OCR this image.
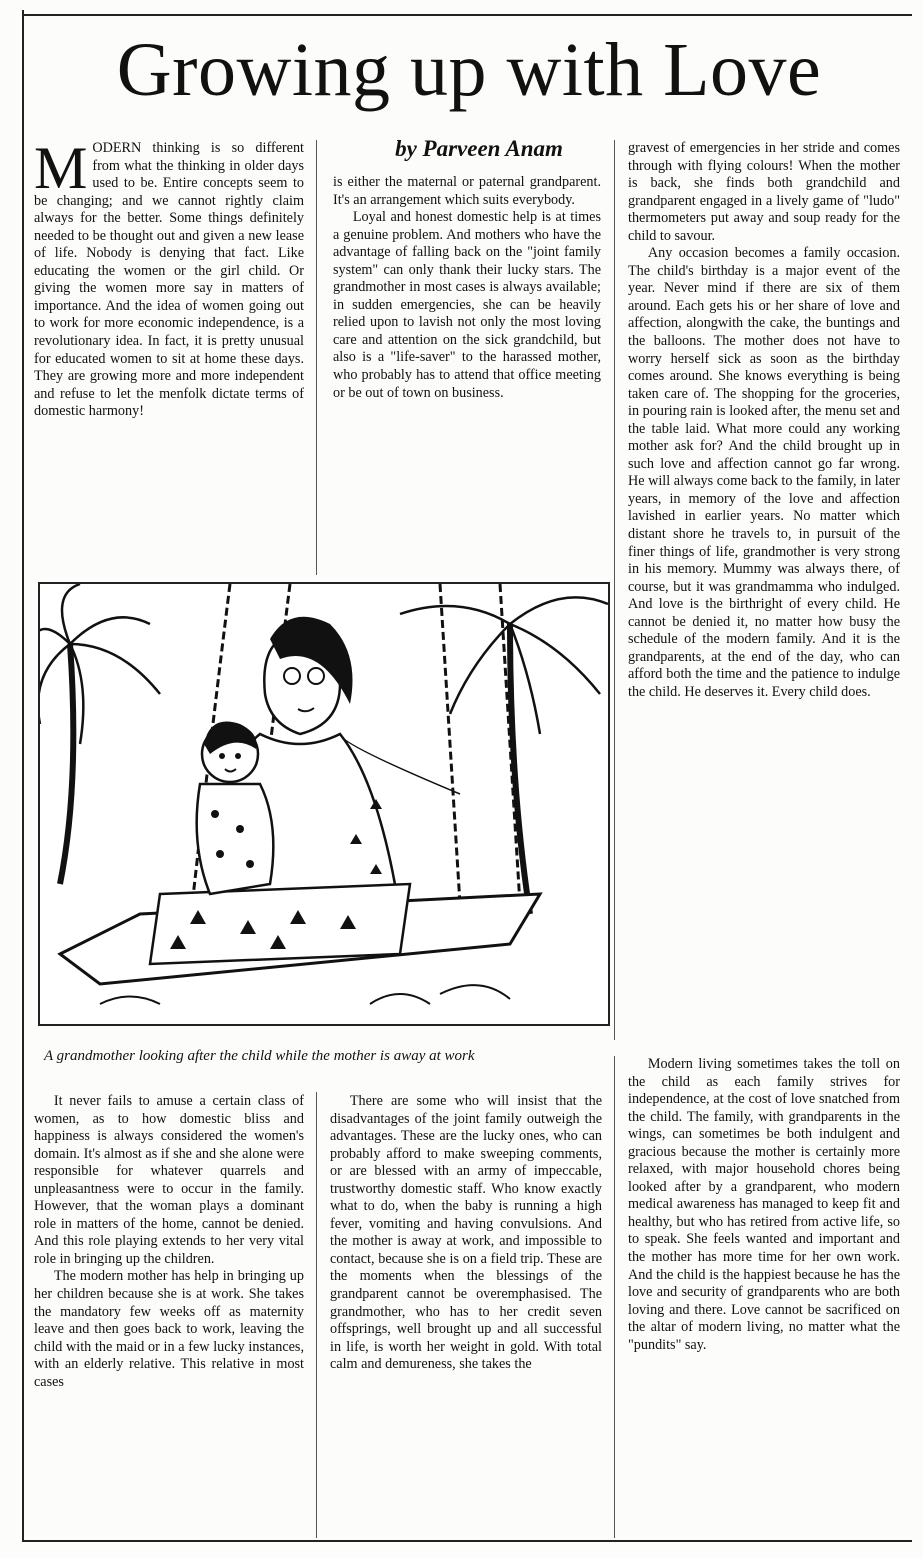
Growing up with Love
by Parveen Anam

MODERN thinking is so different from what the thinking in older days used to be. Entire concepts seem to be changing; and we cannot rightly claim always for the better. Some things definitely needed to be thought out and given a new lease of life. Nobody is denying that fact. Like educating the women or the girl child. Or giving the women more say in matters of importance. And the idea of women going out to work for more economic independence, is a revolutionary idea. In fact, it is pretty unusual for educated women to sit at home these days. They are growing more and more independent and refuse to let the menfolk dictate terms of domestic harmony!

is either the maternal or paternal grandparent. It's an arrangement which suits everybody.

Loyal and honest domestic help is at times a genuine problem. And mothers who have the advantage of falling back on the "joint family system" can only thank their lucky stars. The grandmother in most cases is always available; in sudden emergencies, she can be heavily relied upon to lavish not only the most loving care and attention on the sick grandchild, but also is a "life-saver" to the harassed mother, who probably has to attend that office meeting or be out of town on business.

gravest of emergencies in her stride and comes through with flying colours! When the mother is back, she finds both grandchild and grandparent engaged in a lively game of "ludo" thermometers put away and soup ready for the child to savour.

Any occasion becomes a family occasion. The child's birthday is a major event of the year. Never mind if there are six of them around. Each gets his or her share of love and affection, alongwith the cake, the buntings and the balloons. The mother does not have to worry herself sick as soon as the birthday comes around. She knows everything is being taken care of. The shopping for the groceries, in pouring rain is looked after, the menu set and the table laid. What more could any working mother ask for? And the child brought up in such love and affection cannot go far wrong. He will always come back to the family, in later years, in memory of the love and affection lavished in earlier years. No matter which distant shore he travels to, in pursuit of the finer things of life, grandmother is very strong in his memory. Mummy was always there, of course, but it was grandmamma who indulged. And love is the birthright of every child. He cannot be denied it, no matter how busy the schedule of the modern family. And it is the grandparents, at the end of the day, who can afford both the time and the patience to indulge the child. He deserves it. Every child does.

Modern living sometimes takes the toll on the child as each family strives for independence, at the cost of love snatched from the child. The family, with grandparents in the wings, can sometimes be both indulgent and gracious because the mother is certainly more relaxed, with major household chores being looked after by a grandparent, who modern medical awareness has managed to keep fit and healthy, but who has retired from active life, so to speak. She feels wanted and important and the mother has more time for her own work. And the child is the happiest because he has the love and security of grandparents who are both loving and there. Love cannot be sacrificed on the altar of modern living, no matter what the "pundits" say.

A grandmother looking after the child while the mother is away at work

It never fails to amuse a certain class of women, as to how domestic bliss and happiness is always considered the women's domain. It's almost as if she and she alone were responsible for whatever quarrels and unpleasantness were to occur in the family. However, that the woman plays a dominant role in matters of the home, cannot be denied. And this role playing extends to her very vital role in bringing up the children.

The modern mother has help in bringing up her children because she is at work. She takes the mandatory few weeks off as maternity leave and then goes back to work, leaving the child with the maid or in a few lucky instances, with an elderly relative. This relative in most cases

There are some who will insist that the disadvantages of the joint family outweigh the advantages. These are the lucky ones, who can probably afford to make sweeping comments, or are blessed with an army of impeccable, trustworthy domestic staff. Who know exactly what to do, when the baby is running a high fever, vomiting and having convulsions. And the mother is away at work, and impossible to contact, because she is on a field trip. These are the moments when the blessings of the grandparent cannot be overemphasised. The grandmother, who has to her credit seven offsprings, well brought up and all successful in life, is worth her weight in gold. With total calm and demureness, she takes the
